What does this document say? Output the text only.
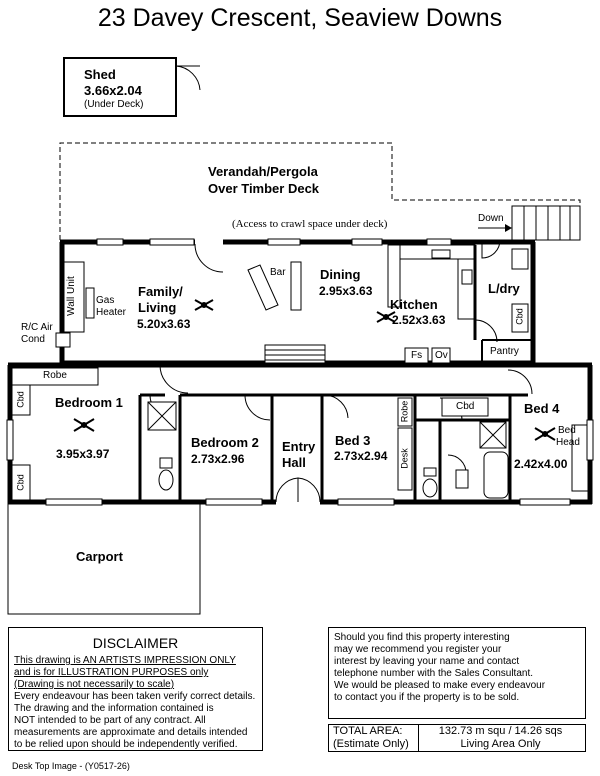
23 Davey Crescent, Seaview Downs
Shed
3.66x2.04
(Under Deck)
Verandah/Pergola
Over Timber Deck
(Access to crawl space under deck)	Down
Family/
Living
5.20x3.63
Bar	Dining
2.95x3.63
Kitchen
2.52x3.63
L/dry
Pantry
Fs Ov
Cbd
Wall Unit Gas
Heater
R/C Air
Cond
Robe
Cbd
Cbd
Bedroom 1
3.95x3.97
Bedroom 2
2.73x2.96
Entry
Hall
Bed 3
2.73x2.94
Robe
Desk
Cbd	Bed 4
2.42x4.00
Bed
Head
Carport
DISCLAIMER

This drawing is AN ARTISTS IMPRESSION ONLY

and is for ILLUSTRATION PURPOSES only

(Drawing is not necessarily to scale)

Every endeavour has been taken verify correct details.

The drawing and the information contained is

NOT intended to be part of any contract. All

measurements are approximate and details intended

to be relied upon should be independently verified.

Should you find this property interesting
may we recommend you register your
interest by leaving your name and contact
telephone number with the Sales Consultant.
We would be pleased to make every endeavour
to contact you if the property is to be sold.
TOTAL AREA:
(Estimate Only)
132.73 m squ / 14.26 sqs
Living Area Only
Desk Top Image - (Y0517-26)
